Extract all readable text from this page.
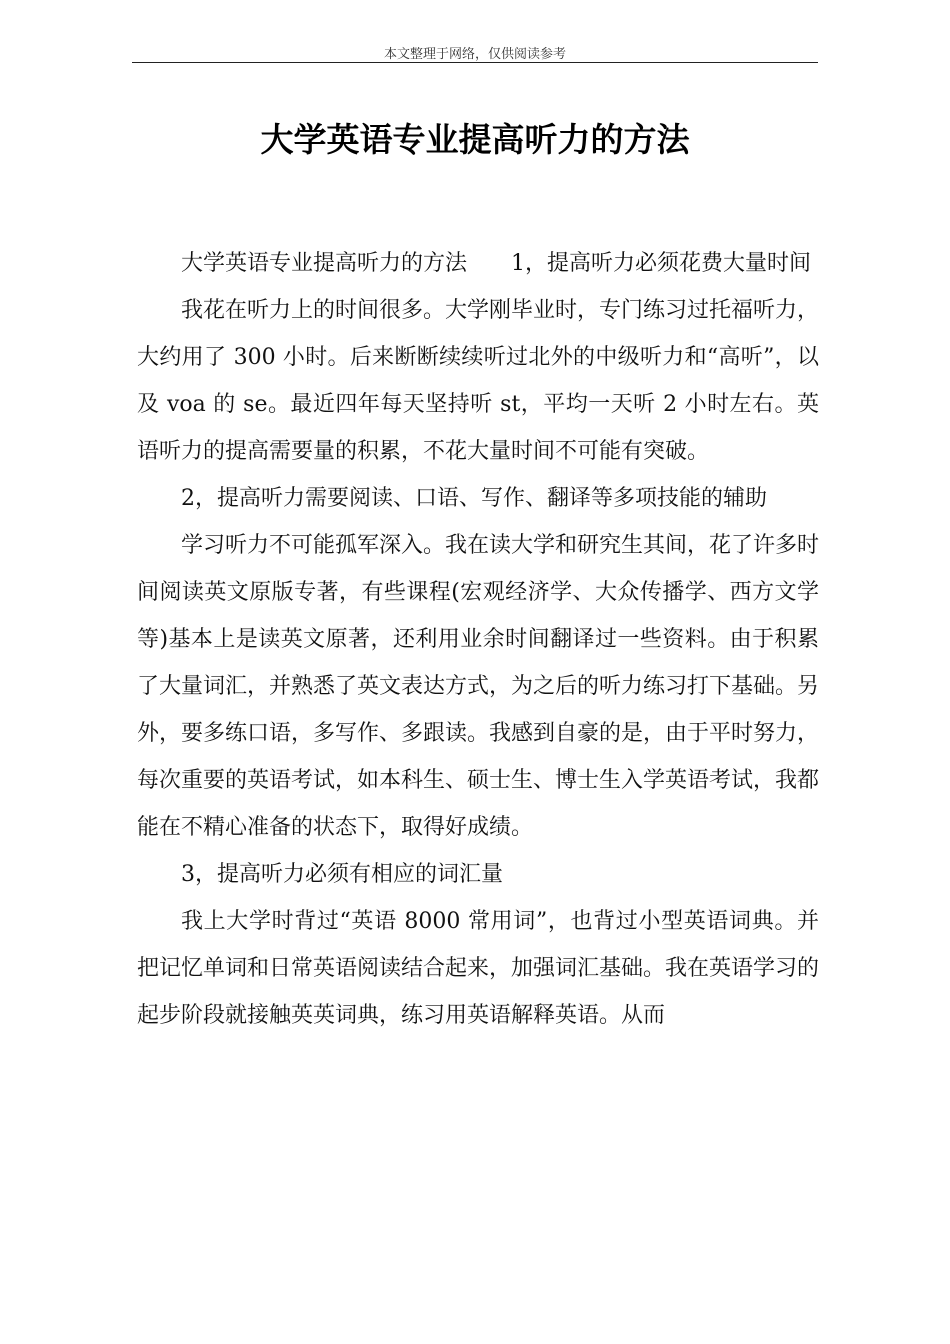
本文整理于网络，仅供阅读参考
大学英语专业提高听力的方法

大学英语专业提高听力的方法 1，提高听力必须花费大量时间

我花在听力上的时间很多。大学刚毕业时，专门练习过托福听力，大约用了 300 小时。后来断断续续听过北外的中级听力和“高听”，以及 voa 的 se。最近四年每天坚持听 st，平均一天听 2 小时左右。英语听力的提高需要量的积累，不花大量时间不可能有突破。

2，提高听力需要阅读、口语、写作、翻译等多项技能的辅助

学习听力不可能孤军深入。我在读大学和研究生其间，花了许多时间阅读英文原版专著，有些课程(宏观经济学、大众传播学、西方文学等)基本上是读英文原著，还利用业余时间翻译过一些资料。由于积累了大量词汇，并熟悉了英文表达方式，为之后的听力练习打下基础。另外，要多练口语，多写作、多跟读。我感到自豪的是，由于平时努力，每次重要的英语考试，如本科生、硕士生、博士生入学英语考试，我都能在不精心准备的状态下，取得好成绩。

3，提高听力必须有相应的词汇量

我上大学时背过“英语 8000 常用词”，也背过小型英语词典。并把记忆单词和日常英语阅读结合起来，加强词汇基础。我在英语学习的起步阶段就接触英英词典，练习用英语解释英语。从而
